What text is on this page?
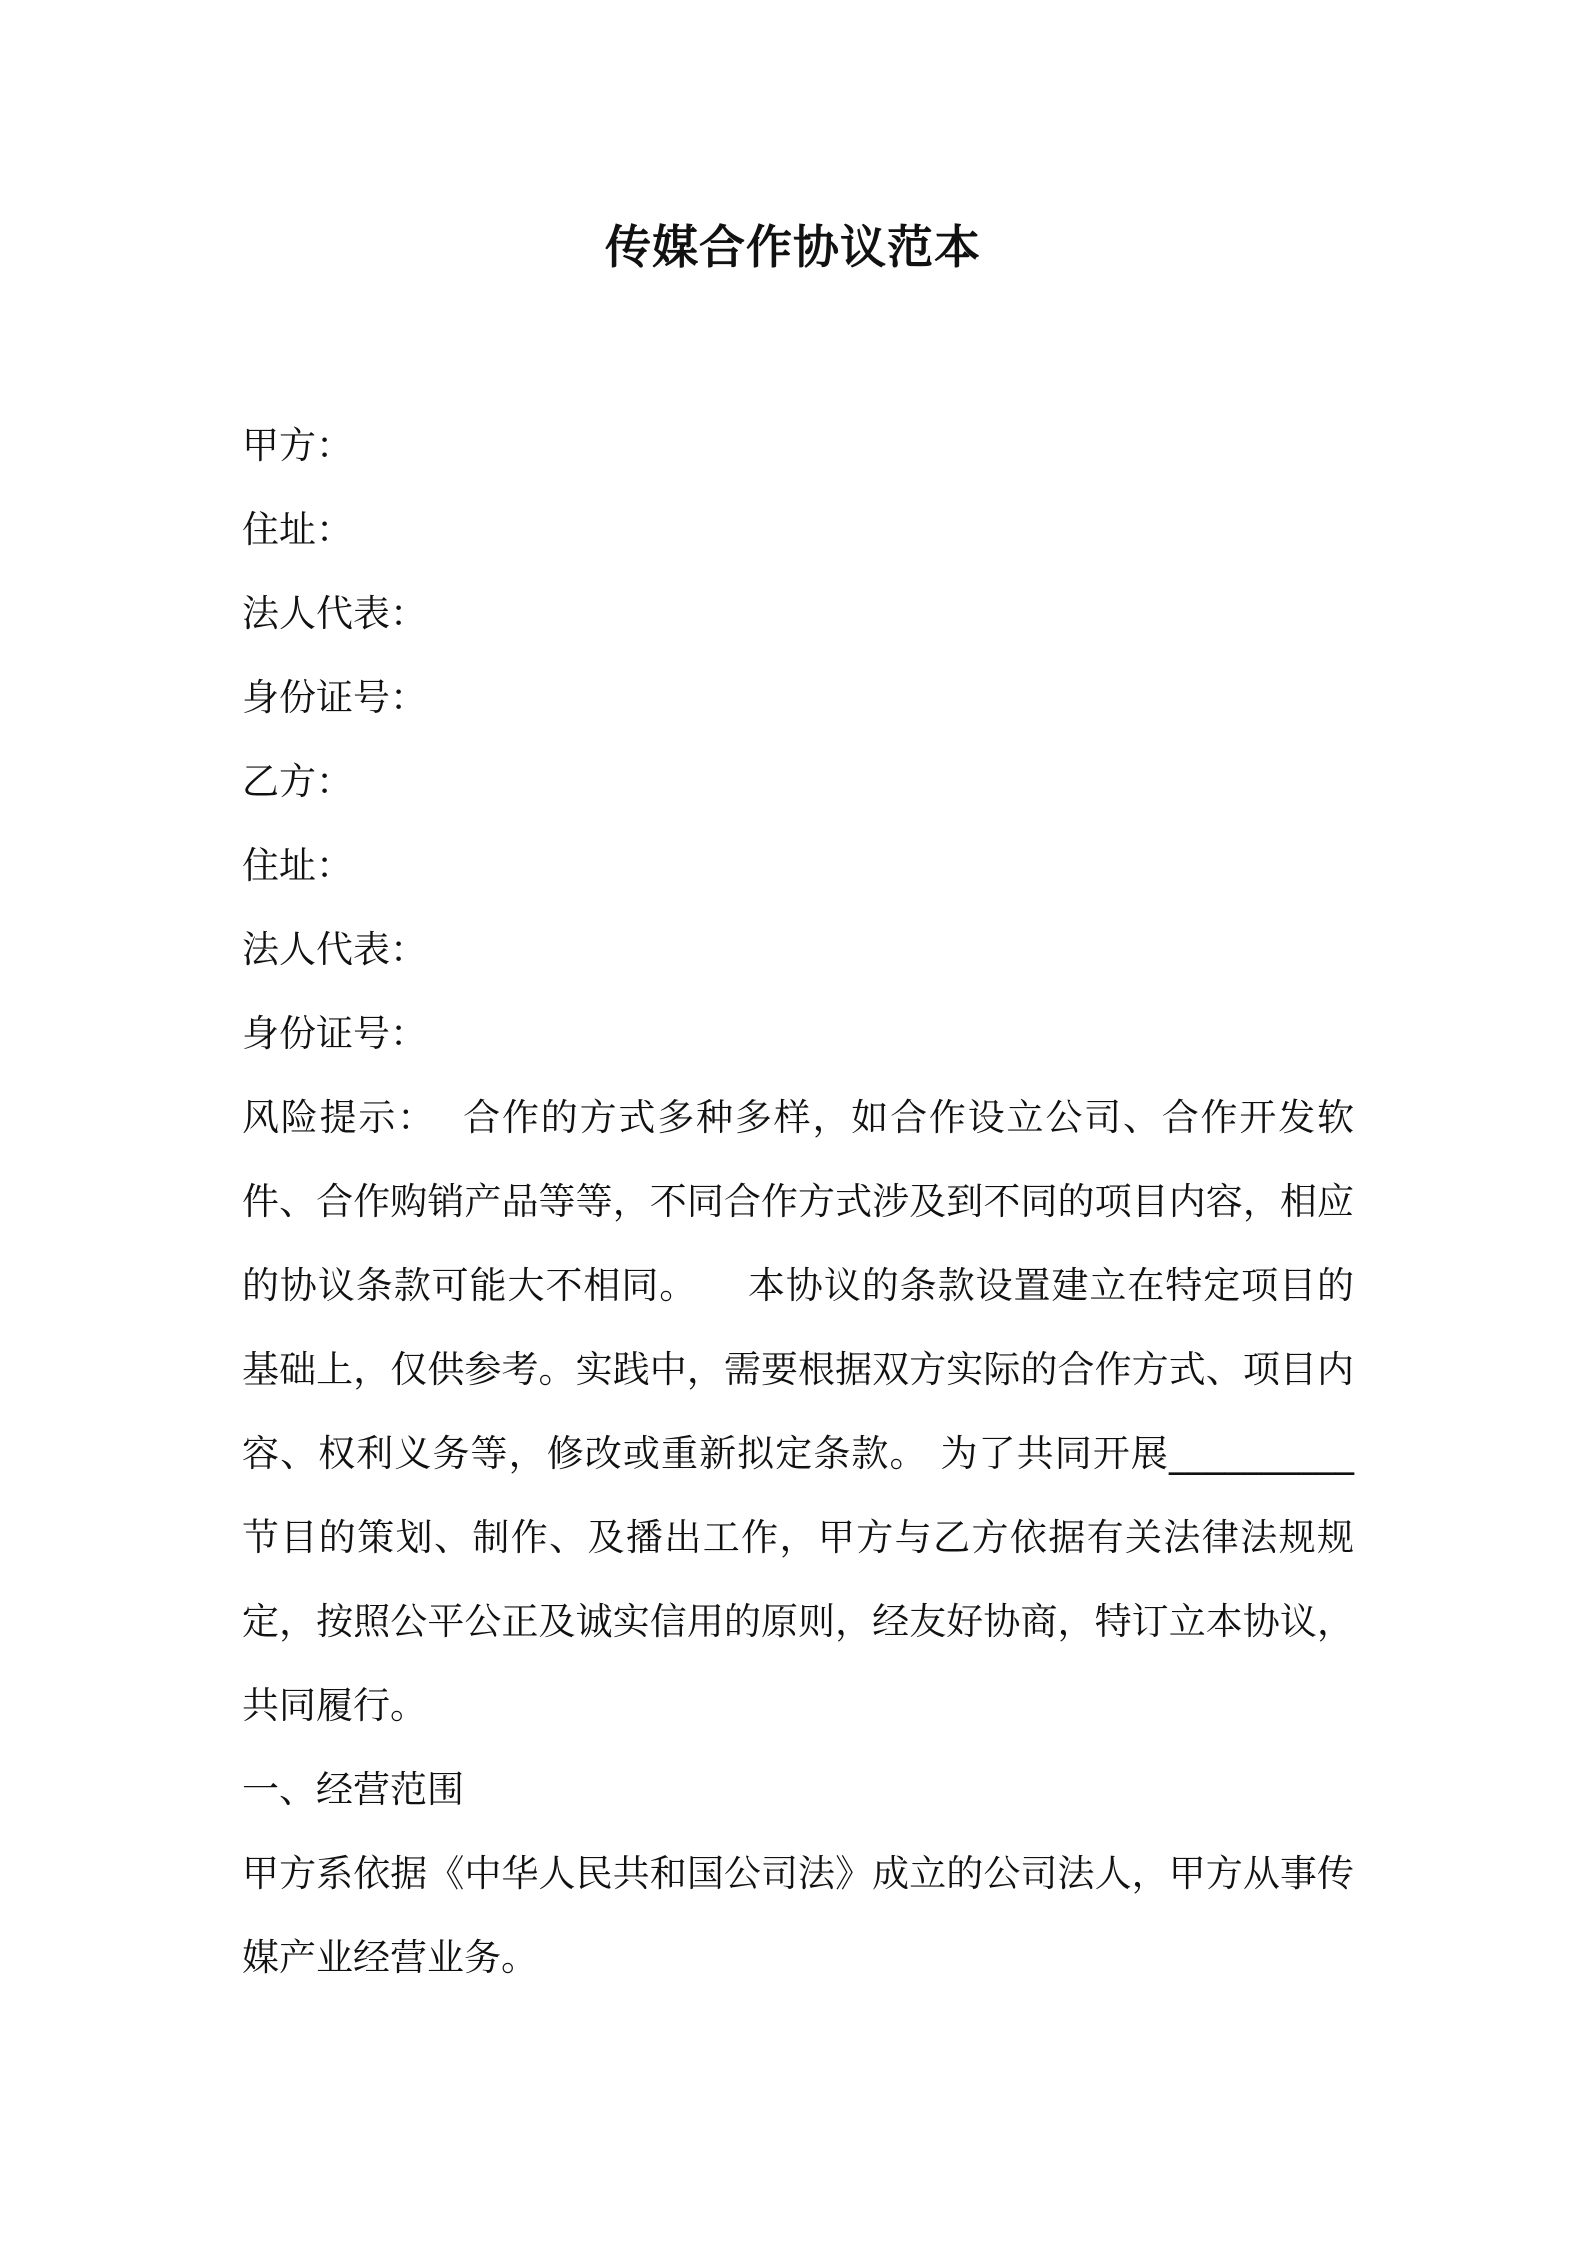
传媒合作协议范本
甲方：
住址：
法人代表：
身份证号：
乙方：
住址：
法人代表：
身份证号：

风险提示：  合作的方式多种多样，如合作设立公司、合作开发软件、合作购销产品等等，不同合作方式涉及到不同的项目内容，相应的协议条款可能大不相同。    本协议的条款设置建立在特定项目的基础上，仅供参考。实践中，需要根据双方实际的合作方式、项目内容、权利义务等，修改或重新拟定条款。 为了共同开展__________节目的策划、制作、及播出工作，甲方与乙方依据有关法律法规规定，按照公平公正及诚实信用的原则，经友好协商，特订立本协议，共同履行。

一、经营范围

甲方系依据《中华人民共和国公司法》成立的公司法人，甲方从事传媒产业经营业务。
